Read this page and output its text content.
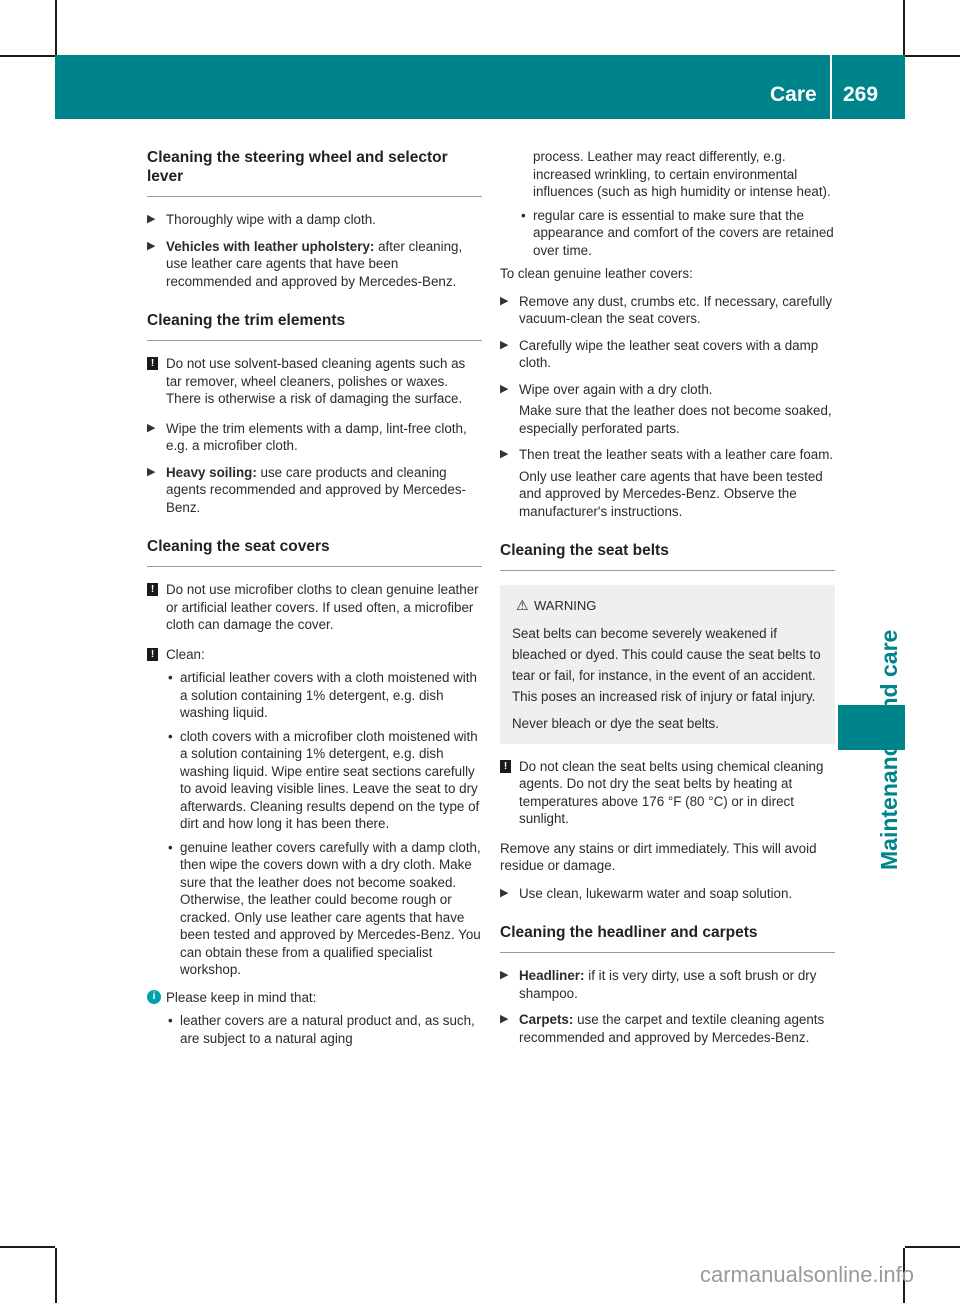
Care 269
Cleaning the steering wheel and selector lever
▶ Thoroughly wipe with a damp cloth.
▶ Vehicles with leather upholstery: after cleaning, use leather care agents that have been recommended and approved by Mercedes-Benz.
Cleaning the trim elements
! Do not use solvent-based cleaning agents such as tar remover, wheel cleaners, polishes or waxes. There is otherwise a risk of damaging the surface.
▶ Wipe the trim elements with a damp, lint-free cloth, e.g. a microfiber cloth.
▶ Heavy soiling: use care products and cleaning agents recommended and approved by Mercedes-Benz.
Cleaning the seat covers
! Do not use microfiber cloths to clean genuine leather or artificial leather covers. If used often, a microfiber cloth can damage the cover.
! Clean:
• artificial leather covers with a cloth moistened with a solution containing 1% detergent, e.g. dish washing liquid.
• cloth covers with a microfiber cloth moistened with a solution containing 1% detergent, e.g. dish washing liquid. Wipe entire seat sections carefully to avoid leaving visible lines. Leave the seat to dry afterwards. Cleaning results depend on the type of dirt and how long it has been there.
• genuine leather covers carefully with a damp cloth, then wipe the covers down with a dry cloth. Make sure that the leather does not become soaked. Otherwise, the leather could become rough or cracked. Only use leather care agents that have been tested and approved by Mercedes-Benz. You can obtain these from a qualified specialist workshop.
i Please keep in mind that:
• leather covers are a natural product and, as such, are subject to a natural aging
process. Leather may react differently, e.g. increased wrinkling, to certain environmental influences (such as high humidity or intense heat).
• regular care is essential to make sure that the appearance and comfort of the covers are retained over time.

To clean genuine leather covers:

▶ Remove any dust, crumbs etc. If necessary, carefully vacuum-clean the seat covers.
▶ Carefully wipe the leather seat covers with a damp cloth.
▶ Wipe over again with a dry cloth.
Make sure that the leather does not become soaked, especially perforated parts.
▶ Then treat the leather seats with a leather care foam.
Only use leather care agents that have been tested and approved by Mercedes-Benz. Observe the manufacturer's instructions.
Cleaning the seat belts
⚠ WARNING

Seat belts can become severely weakened if bleached or dyed. This could cause the seat belts to tear or fail, for instance, in the event of an accident. This poses an increased risk of injury or fatal injury.

Never bleach or dye the seat belts.

! Do not clean the seat belts using chemical cleaning agents. Do not dry the seat belts by heating at temperatures above 176 °F (80 °C) or in direct sunlight.

Remove any stains or dirt immediately. This will avoid residue or damage.

▶ Use clean, lukewarm water and soap solution.
Cleaning the headliner and carpets
▶ Headliner: if it is very dirty, use a soft brush or dry shampoo.
▶ Carpets: use the carpet and textile cleaning agents recommended and approved by Mercedes-Benz.
carmanualsonline.info
